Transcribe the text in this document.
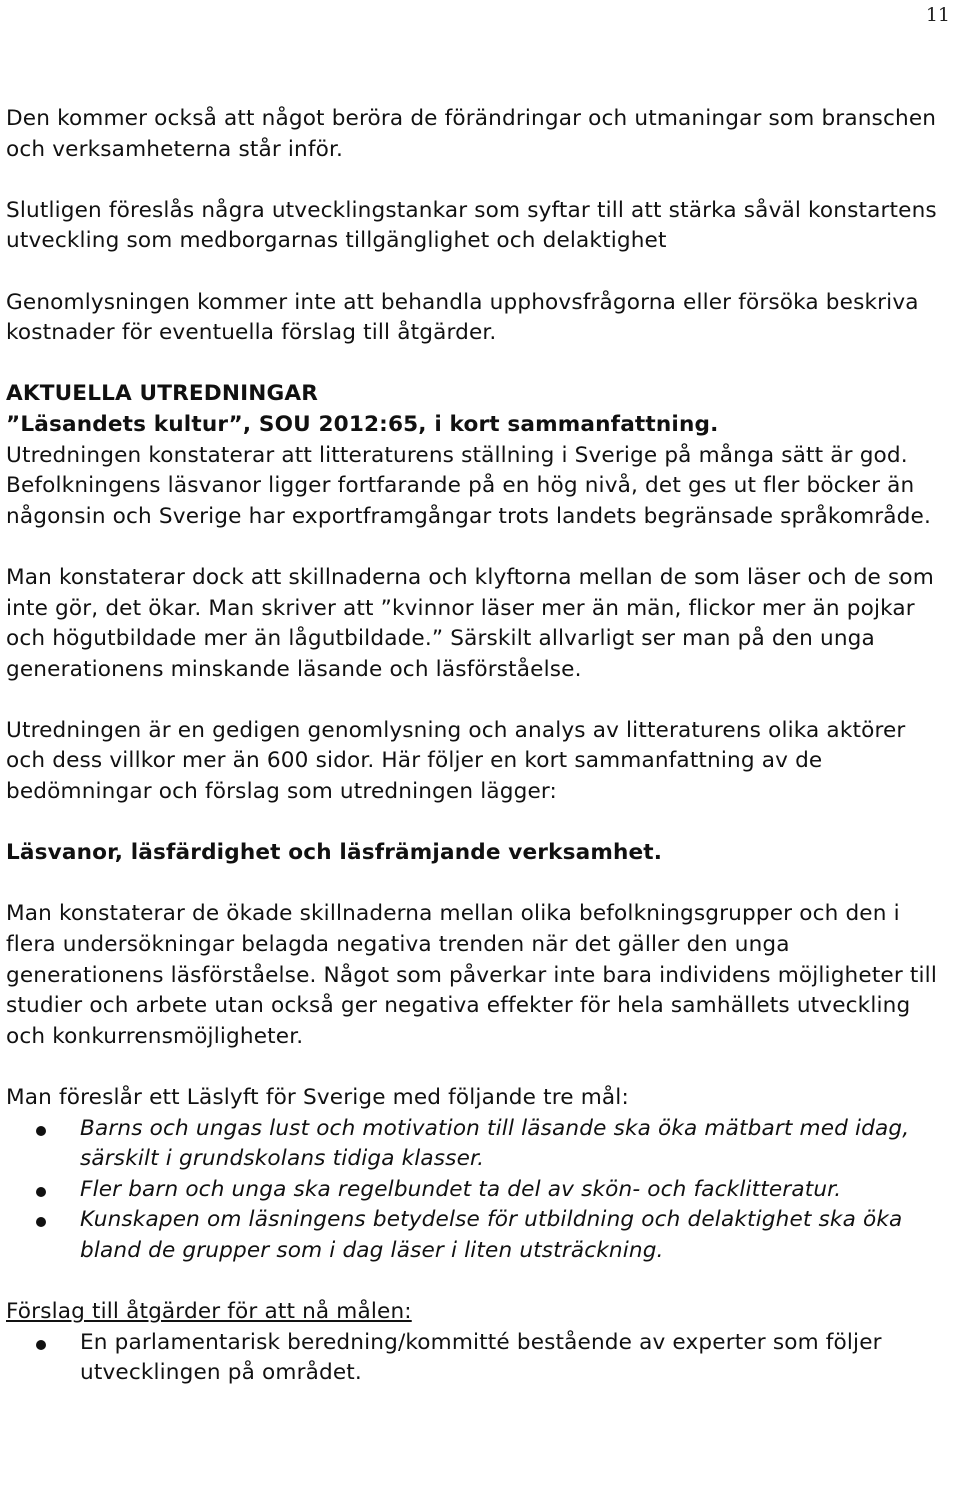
11

Den kommer också att något beröra de förändringar och utmaningar som branschen och verksamheterna står inför.

Slutligen föreslås några utvecklingstankar som syftar till att stärka såväl konstartens utveckling som medborgarnas tillgänglighet och delaktighet

Genomlysningen kommer inte att behandla upphovsfrågorna eller försöka beskriva kostnader för eventuella förslag till åtgärder.

AKTUELLA UTREDNINGAR
”Läsandets kultur”, SOU 2012:65, i kort sammanfattning.

Utredningen konstaterar att litteraturens ställning i Sverige på många sätt är god. Befolkningens läsvanor ligger fortfarande på en hög nivå, det ges ut fler böcker än någonsin och Sverige har exportframgångar trots landets begränsade språkområde.

Man konstaterar dock att skillnaderna och klyftorna mellan de som läser och de som inte gör, det ökar. Man skriver att ”kvinnor läser mer än män, flickor mer än pojkar och högutbildade mer än lågutbildade.” Särskilt allvarligt ser man på den unga generationens minskande läsande och läsförståelse.

Utredningen är en gedigen genomlysning och analys av litteraturens olika aktörer och dess villkor mer än 600 sidor. Här följer en kort sammanfattning av de bedömningar och förslag som utredningen lägger:

Läsvanor, läsfärdighet och läsfrämjande verksamhet.

Man konstaterar de ökade skillnaderna mellan olika befolkningsgrupper och den i flera undersökningar belagda negativa trenden när det gäller den unga generationens läsförståelse. Något som påverkar inte bara individens möjligheter till studier och arbete utan också ger negativa effekter för hela samhällets utveckling och konkurrensmöjligheter.

Man föreslår ett Läslyft för Sverige med följande tre mål:

Barns och ungas lust och motivation till läsande ska öka mätbart med idag, särskilt i grundskolans tidiga klasser.
Fler barn och unga ska regelbundet ta del av skön- och facklitteratur.
Kunskapen om läsningens betydelse för utbildning och delaktighet ska öka bland de grupper som i dag läser i liten utsträckning.

Förslag till åtgärder för att nå målen:

En parlamentarisk beredning/kommitté bestående av experter som följer utvecklingen på området.
